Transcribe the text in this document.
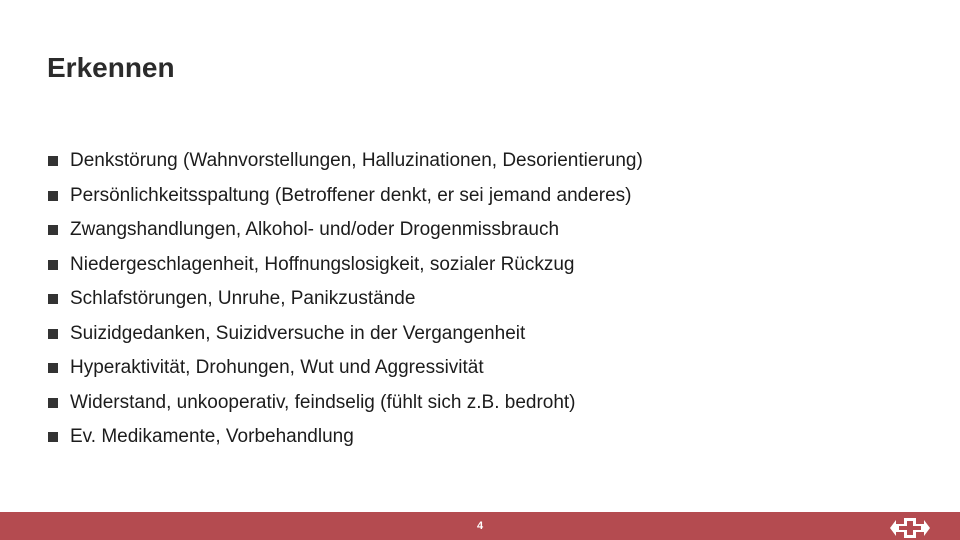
Erkennen
Denkstörung (Wahnvorstellungen, Halluzinationen, Desorientierung)
Persönlichkeitsspaltung (Betroffener denkt, er sei jemand anderes)
Zwangshandlungen, Alkohol- und/oder Drogenmissbrauch
Niedergeschlagenheit, Hoffnungslosigkeit, sozialer Rückzug
Schlafstörungen, Unruhe, Panikzustände
Suizidgedanken, Suizidversuche in der Vergangenheit
Hyperaktivität, Drohungen, Wut und Aggressivität
Widerstand, unkooperativ, feindselig (fühlt sich z.B. bedroht)
Ev. Medikamente, Vorbehandlung
4
